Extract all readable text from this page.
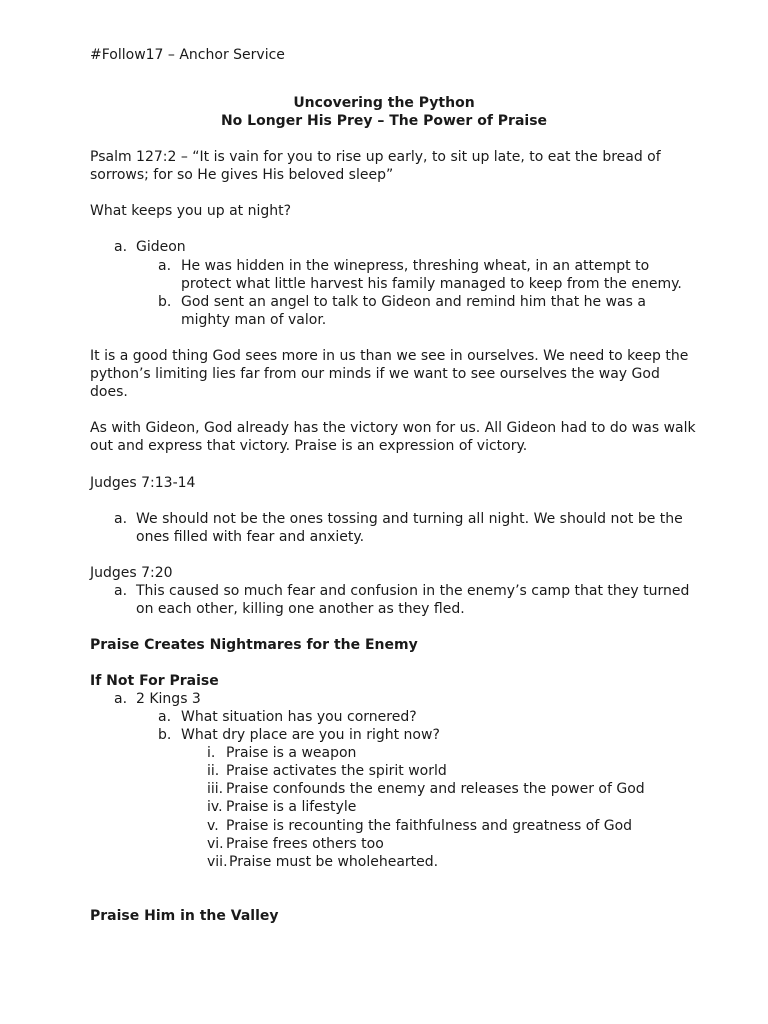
#Follow17 – Anchor Service
Uncovering the Python
No Longer His Prey – The Power of Praise
Psalm 127:2 – “It is vain for you to rise up early, to sit up late, to eat the bread of
sorrows; for so He gives His beloved sleep”
What keeps you up at night?
a. Gideon
a. He was hidden in the winepress, threshing wheat, in an attempt to
protect what little harvest his family managed to keep from the enemy.
b. God sent an angel to talk to Gideon and remind him that he was a
mighty man of valor.
It is a good thing God sees more in us than we see in ourselves. We need to keep the
python’s limiting lies far from our minds if we want to see ourselves the way God
does.
As with Gideon, God already has the victory won for us. All Gideon had to do was walk
out and express that victory. Praise is an expression of victory.
Judges 7:13-14
a. We should not be the ones tossing and turning all night. We should not be the
ones filled with fear and anxiety.
Judges 7:20
a. This caused so much fear and confusion in the enemy’s camp that they turned
on each other, killing one another as they fled.
Praise Creates Nightmares for the Enemy
If Not For Praise
a. 2 Kings 3
a. What situation has you cornered?
b. What dry place are you in right now?
i. Praise is a weapon
ii. Praise activates the spirit world
iii. Praise confounds the enemy and releases the power of God
iv. Praise is a lifestyle
v. Praise is recounting the faithfulness and greatness of God
vi. Praise frees others too
vii. Praise must be wholehearted.
Praise Him in the Valley
